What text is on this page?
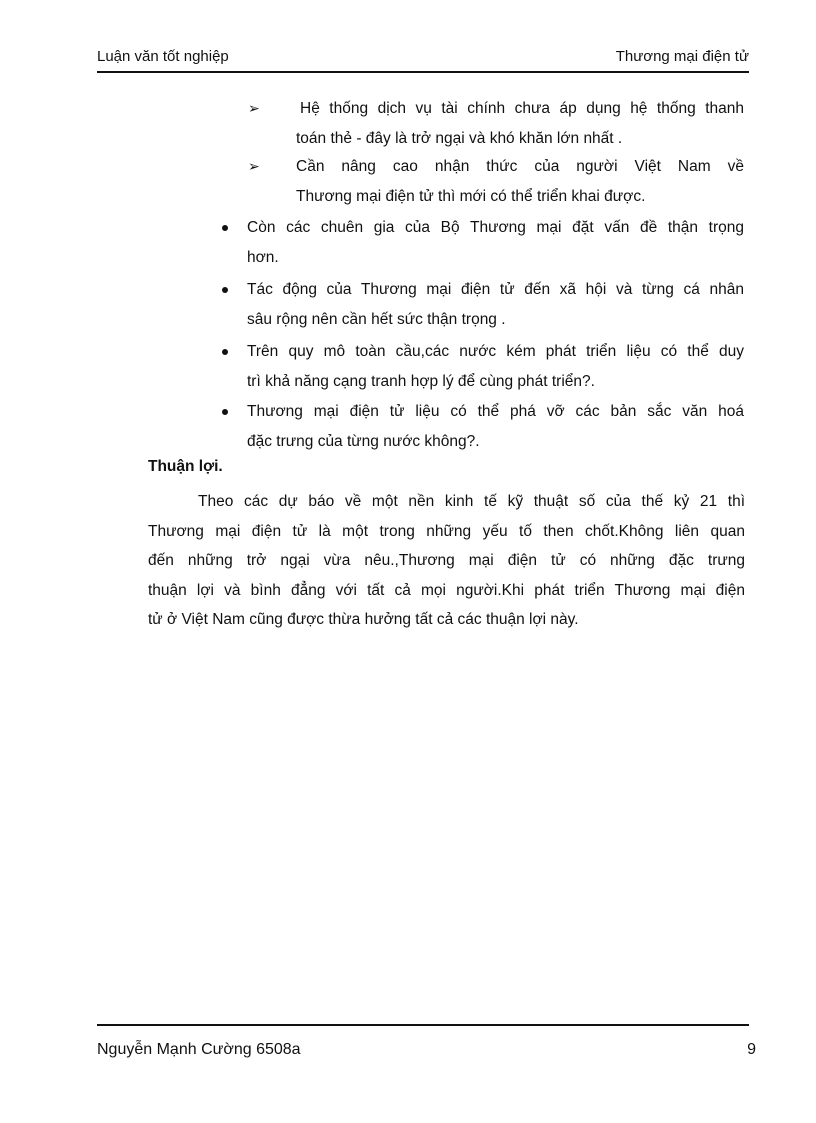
Luận văn tốt nghiệp	Thương mại điện tử
➢	Hệ thống dịch vụ tài chính chưa áp dụng hệ thống thanh
toán thẻ - đây là trở ngại và khó khăn lớn nhất .
➢ Cần nâng cao nhận thức của người Việt Nam về
Thương mại điện tử thì mới có thể triển khai được.
Còn các chuên gia của Bộ Thương mại đặt vấn đề thận trọng
hơn.
Tác động của Thương mại điện tử đến xã hội và từng cá nhân
sâu rộng nên cần hết sức thận trọng .
Trên quy mô toàn cầu,các nước kém phát triển liệu có thể duy
trì khả năng cạng tranh hợp lý để cùng phát triển?.
Thương mại điện tử liệu có thể phá vỡ các bản sắc văn hoá
đặc trưng của từng nước không?.
Thuận lợi.
Theo các dự báo về một nền kinh tế kỹ thuật số của thế kỷ 21 thì
Thương mại điện tử là một trong những yếu tố then chốt.Không liên quan
đến những trở ngại vừa nêu.,Thương mại điện tử có những đặc trưng
thuận lợi và bình đẳng với tất cả mọi người.Khi phát triển Thương mại điện
tử ở Việt Nam cũng được thừa hưởng tất cả các thuận lợi này.
Nguyễn Mạnh Cường 6508a	9
